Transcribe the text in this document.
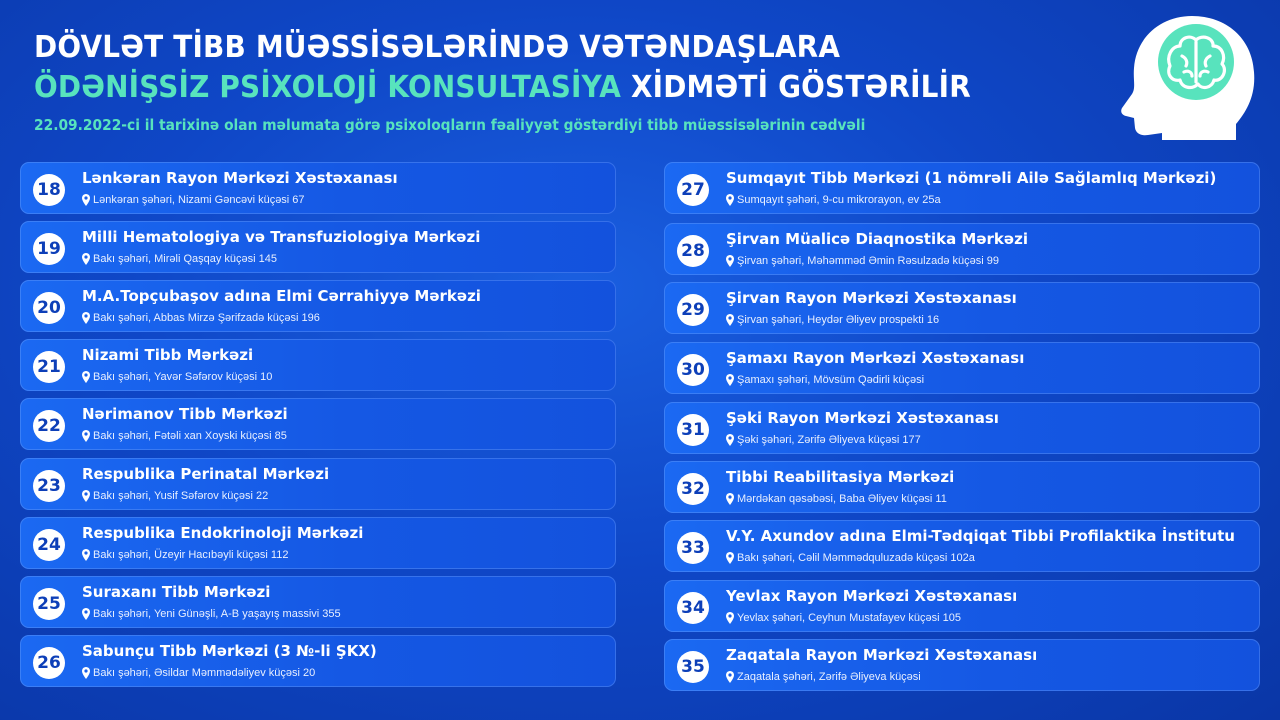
DÖVLƏT TİBB MÜƏSSİSƏLƏRİNDƏ VƏTƏNDAŞLARA
ÖDƏNİŞSİZ PSİXOLOJİ KONSULTASİYA XİDMƏTİ GÖSTƏRİLİR
22.09.2022-ci il tarixinə olan məlumata görə psixoloqların fəaliyyət göstərdiyi tibb müəssisələrinin cədvəli
18
Lənkəran Rayon Mərkəzi Xəstəxanası
Lənkəran şəhəri, Nizami Gəncəvi küçəsi 67
19
Milli Hematologiya və Transfuziologiya Mərkəzi
Bakı şəhəri, Mirəli Qaşqay küçəsi 145
20
M.A.Topçubaşov adına Elmi Cərrahiyyə Mərkəzi
Bakı şəhəri, Abbas Mirzə Şərifzadə küçəsi 196
21
Nizami Tibb Mərkəzi
Bakı şəhəri, Yavər Səfərov küçəsi 10
22
Nərimanov Tibb Mərkəzi
Bakı şəhəri, Fətəli xan Xoyski küçəsi 85
23
Respublika Perinatal Mərkəzi
Bakı şəhəri, Yusif Səfərov küçəsi 22
24
Respublika Endokrinoloji Mərkəzi
Bakı şəhəri, Üzeyir Hacıbəyli küçəsi 112
25
Suraxanı Tibb Mərkəzi
Bakı şəhəri, Yeni Günəşli, A-B yaşayış massivi 355
26
Sabunçu Tibb Mərkəzi (3 №-li ŞKX)
Bakı şəhəri, Əsildar Məmmədəliyev küçəsi 20
27
Sumqayıt Tibb Mərkəzi (1 nömrəli Ailə Sağlamlıq Mərkəzi)
Sumqayıt şəhəri, 9-cu mikrorayon, ev 25a
28
Şirvan Müalicə Diaqnostika Mərkəzi
Şirvan şəhəri, Məhəmməd Əmin Rəsulzadə küçəsi 99
29
Şirvan Rayon Mərkəzi Xəstəxanası
Şirvan şəhəri, Heydər Əliyev prospekti 16
30
Şamaxı Rayon Mərkəzi Xəstəxanası
Şamaxı şəhəri, Mövsüm Qədirli küçəsi
31
Şəki Rayon Mərkəzi Xəstəxanası
Şəki şəhəri, Zərifə Əliyeva küçəsi 177
32
Tibbi Reabilitasiya Mərkəzi
Mərdəkan qəsəbəsi, Baba Əliyev küçəsi 11
33
V.Y. Axundov adına Elmi-Tədqiqat Tibbi Profilaktika İnstitutu
Bakı şəhəri, Cəlil Məmmədquluzadə küçəsi 102a
34
Yevlax Rayon Mərkəzi Xəstəxanası
Yevlax şəhəri, Ceyhun Mustafayev küçəsi 105
35
Zaqatala Rayon Mərkəzi Xəstəxanası
Zaqatala şəhəri, Zərifə Əliyeva küçəsi
